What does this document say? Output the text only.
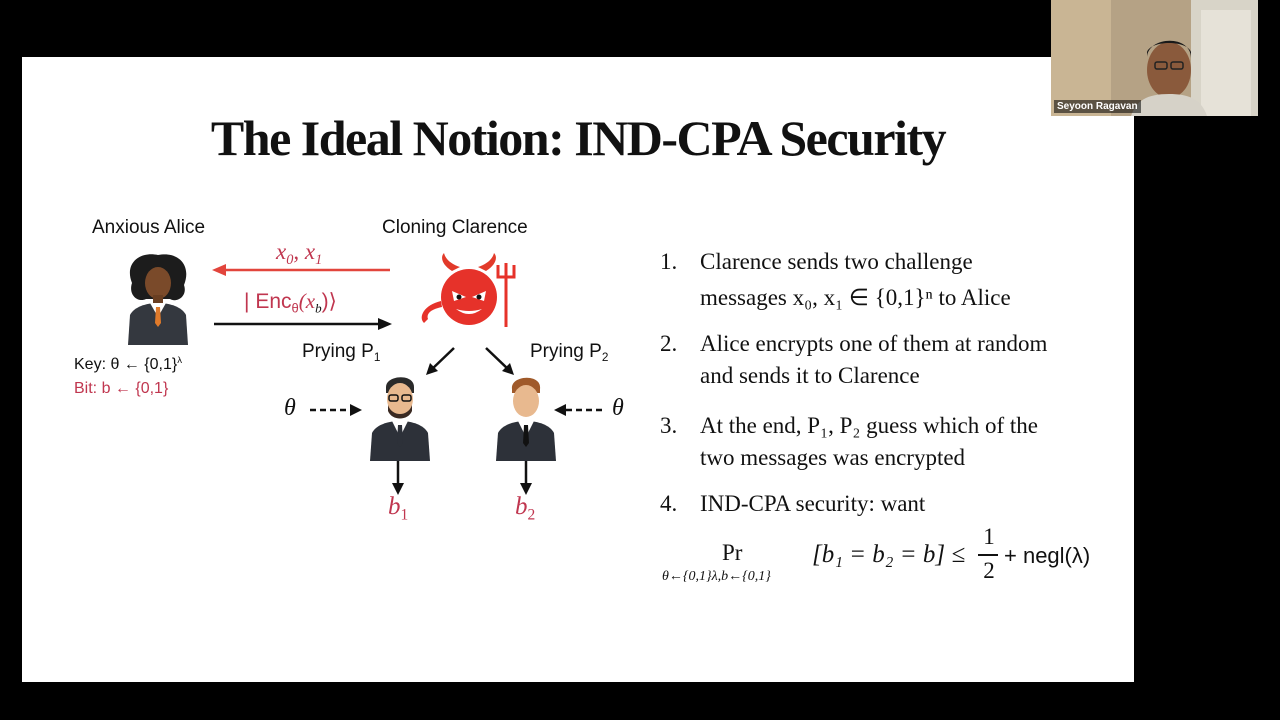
The Ideal Notion: IND-CPA Security
Anxious Alice
Key: θ ← $\{0,1\}^\lambda$
Bit: b ← {0,1}
$x_0$, $x_1$
| $Enc_\theta(x_b)⟩$
Cloning Clarence
Prying $P_1$	Prying $P_2$
θ	θ
$b_1$	$b_2$
1. Clarence sends two challenge
messages x₀, x₁ ∈ {0,1}ⁿ to Alice
2. Alice encrypts one of them at random
and sends it to Clarence
3. At the end, P₁, P₂ guess which of the
two messages was encrypted
4. IND-CPA security: want
Pr
θ←{0,1}λ,b←{0,1}
[b₁ = b₂ = b] ≤
1
2
+ negl(λ)
Seyoon Ragavan
